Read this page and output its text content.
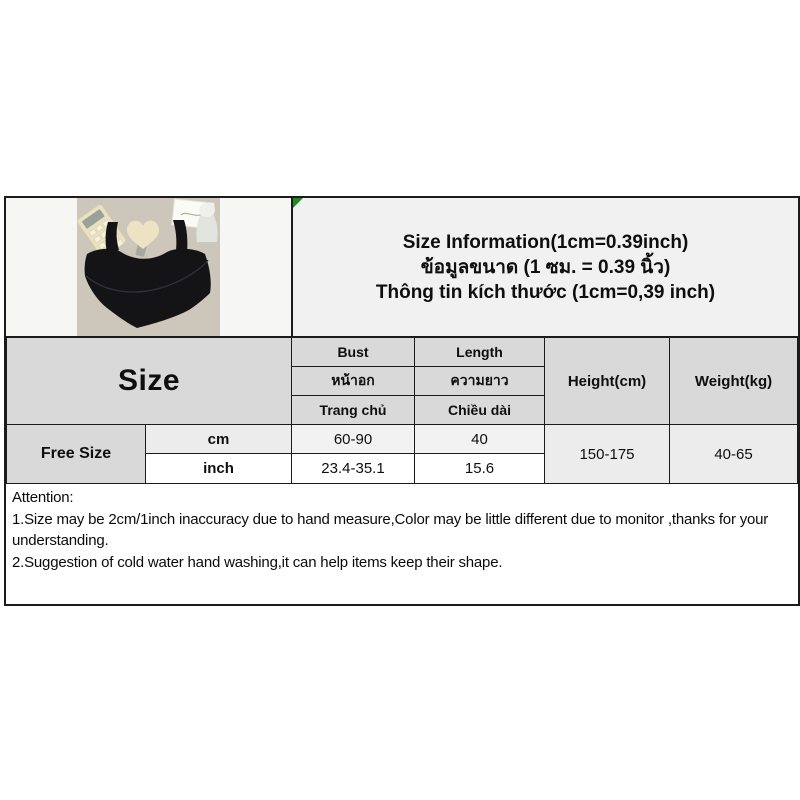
Size Information(1cm=0.39inch)
ข้อมูลขนาด (1 ซม. = 0.39 นิ้ว)
Thông tin kích thước (1cm=0,39 inch)
Size		Bust	Length	Height(cm)	Weight(kg)
		หน้าอก	ความยาว		
		Trang chủ	Chiều dài		
Free Size	cm	60-90	40	150-175	40-65
	inch	23.4-35.1	15.6		

Attention:

1.Size may be 2cm/1inch inaccuracy due to hand measure,Color may be little different due to monitor ,thanks for your understanding.

2.Suggestion of cold water hand washing,it can help items keep their shape.
